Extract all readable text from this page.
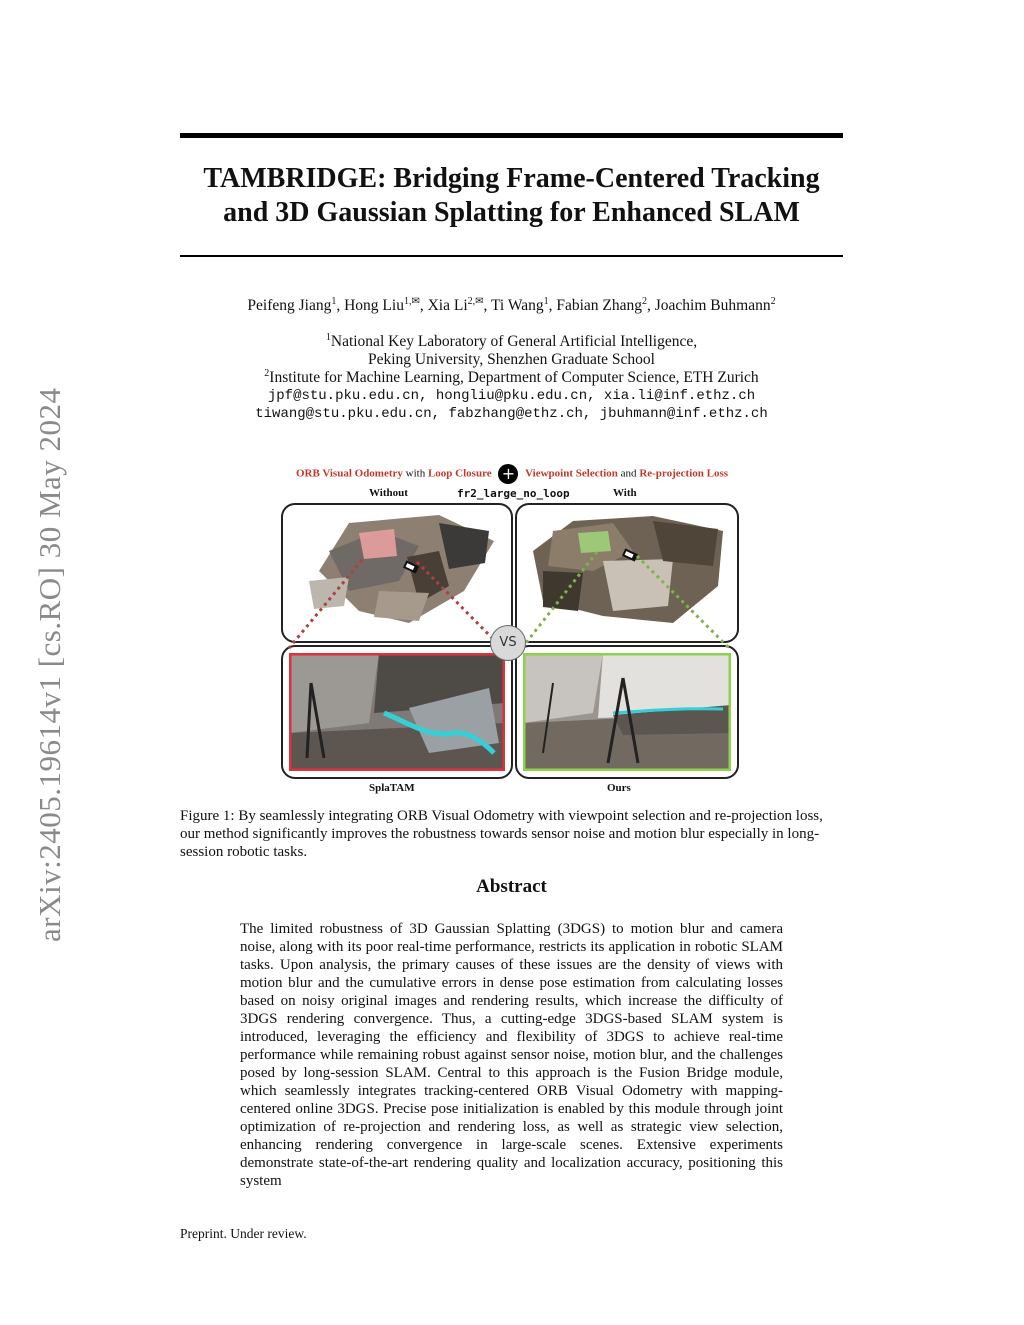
arXiv:2405.19614v1 [cs.RO] 30 May 2024
TAMBRIDGE: Bridging Frame-Centered Tracking
and 3D Gaussian Splatting for Enhanced SLAM
Peifeng Jiang$^1$, Hong Liu$^{1,✉}$, Xia $Li^{2,✉}$, Ti Wang$^1$, Fabian Zhang$^2$, Joachim Buhmann$^2$
$^1$National Key Laboratory of General Artificial Intelligence,
Peking University, Shenzhen Graduate School
$^2$Institute for Machine Learning, Department of Computer Science, ETH Zurich
jpf@stu.pku.edu.cn, hongliu@pku.edu.cn, xia.li@inf.ethz.ch
tiwang@stu.pku.edu.cn, fabzhang@ethz.ch, jbuhmann@inf.ethz.ch
ORB Visual Odometry with Loop Closure + Viewpoint Selection and Re-projection Loss
Without	fr2_large_no_loop	With
VS
SplaTAM	Ours
Figure 1: By seamlessly integrating ORB Visual Odometry with viewpoint selection and re-projection loss, our method significantly improves the robustness towards sensor noise and motion blur especially in long-session robotic tasks.
Abstract
The limited robustness of 3D Gaussian Splatting (3DGS) to motion blur and camera noise, along with its poor real-time performance, restricts its application in robotic SLAM tasks. Upon analysis, the primary causes of these issues are the density of views with motion blur and the cumulative errors in dense pose estimation from calculating losses based on noisy original images and rendering results, which increase the difficulty of 3DGS rendering convergence. Thus, a cutting-edge 3DGS-based SLAM system is introduced, leveraging the efficiency and flexibility of 3DGS to achieve real-time performance while remaining robust against sensor noise, motion blur, and the challenges posed by long-session SLAM. Central to this approach is the Fusion Bridge module, which seamlessly integrates tracking-centered ORB Visual Odometry with mapping-centered online 3DGS. Precise pose initialization is enabled by this module through joint optimization of re-projection and rendering loss, as well as strategic view selection, enhancing rendering convergence in large-scale scenes. Extensive experiments demonstrate state-of-the-art rendering quality and localization accuracy, positioning this system
Preprint. Under review.
